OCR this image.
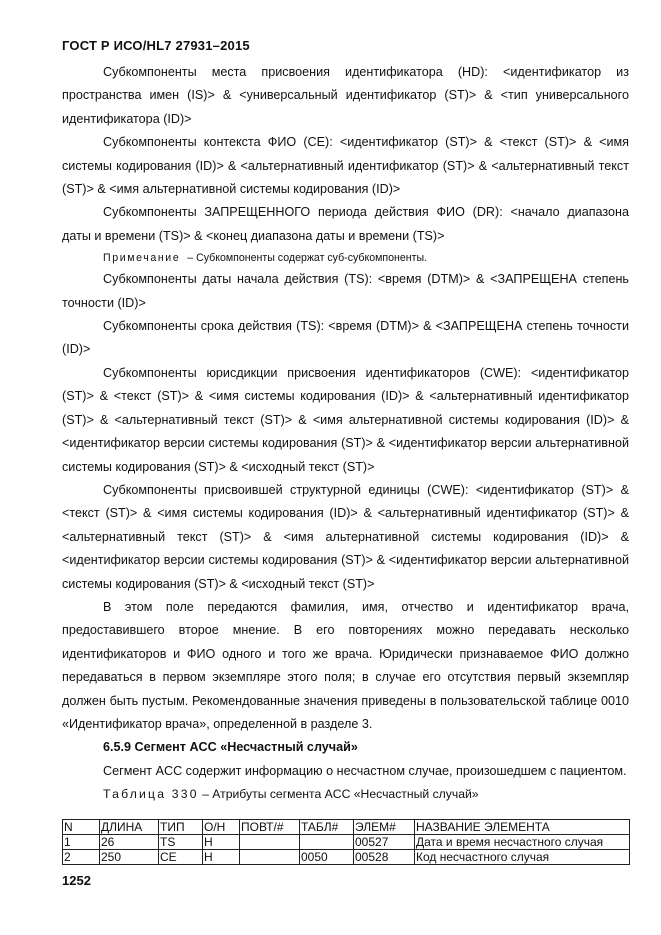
ГОСТ Р ИСО/HL7 27931–2015

Субкомпоненты места присвоения идентификатора (HD): <идентификатор из пространства имен (IS)> & <универсальный идентификатор (ST)> & <тип универсального идентификатора (ID)>

Субкомпоненты контекста ФИО (CE): <идентификатор (ST)> & <текст (ST)> & <имя системы кодирования (ID)> & <альтернативный идентификатор (ST)> & <альтернативный текст (ST)> & <имя альтернативной системы кодирования (ID)>

Субкомпоненты ЗАПРЕЩЕННОГО периода действия ФИО (DR): <начало диапазона даты и времени (TS)> & <конец диапазона даты и времени (TS)>

Примечание – Субкомпоненты содержат суб-субкомпоненты.

Субкомпоненты даты начала действия (TS): <время (DTM)> & <ЗАПРЕЩЕНА степень точности (ID)>

Субкомпоненты срока действия (TS): <время (DTM)> & <ЗАПРЕЩЕНА степень точности (ID)>

Субкомпоненты юрисдикции присвоения идентификаторов (CWE): <идентификатор (ST)> & <текст (ST)> & <имя системы кодирования (ID)> & <альтернативный идентификатор (ST)> & <альтернативный текст (ST)> & <имя альтернативной системы кодирования (ID)> & <идентификатор версии системы кодирования (ST)> & <идентификатор версии альтернативной системы кодирования (ST)> & <исходный текст (ST)>

Субкомпоненты присвоившей структурной единицы (CWE): <идентификатор (ST)> & <текст (ST)> & <имя системы кодирования (ID)> & <альтернативный идентификатор (ST)> & <альтернативный текст (ST)> & <имя альтернативной системы кодирования (ID)> & <идентификатор версии системы кодирования (ST)> & <идентификатор версии альтернативной системы кодирования (ST)> & <исходный текст (ST)>

В этом поле передаются фамилия, имя, отчество и идентификатор врача, предоставившего второе мнение. В его повторениях можно передавать несколько идентификаторов и ФИО одного и того же врача. Юридически признаваемое ФИО должно передаваться в первом экземпляре этого поля; в случае его отсутствия первый экземпляр должен быть пустым. Рекомендованные значения приведены в пользовательской таблице 0010 «Идентификатор врача», определенной в разделе 3.

6.5.9 Сегмент ACC «Несчастный случай»

Сегмент ACC содержит информацию о несчастном случае, произошедшем с пациентом.

Таблица 330 – Атрибуты сегмента ACC «Несчастный случай»

N	ДЛИНА	ТИП	О/Н	ПОВТ/#	ТАБЛ#	ЭЛЕМ#	НАЗВАНИЕ ЭЛЕМЕНТА
1	26	TS	Н			00527	Дата и время несчастного случая
2	250	CE	Н		0050	00528	Код несчастного случая
1252
